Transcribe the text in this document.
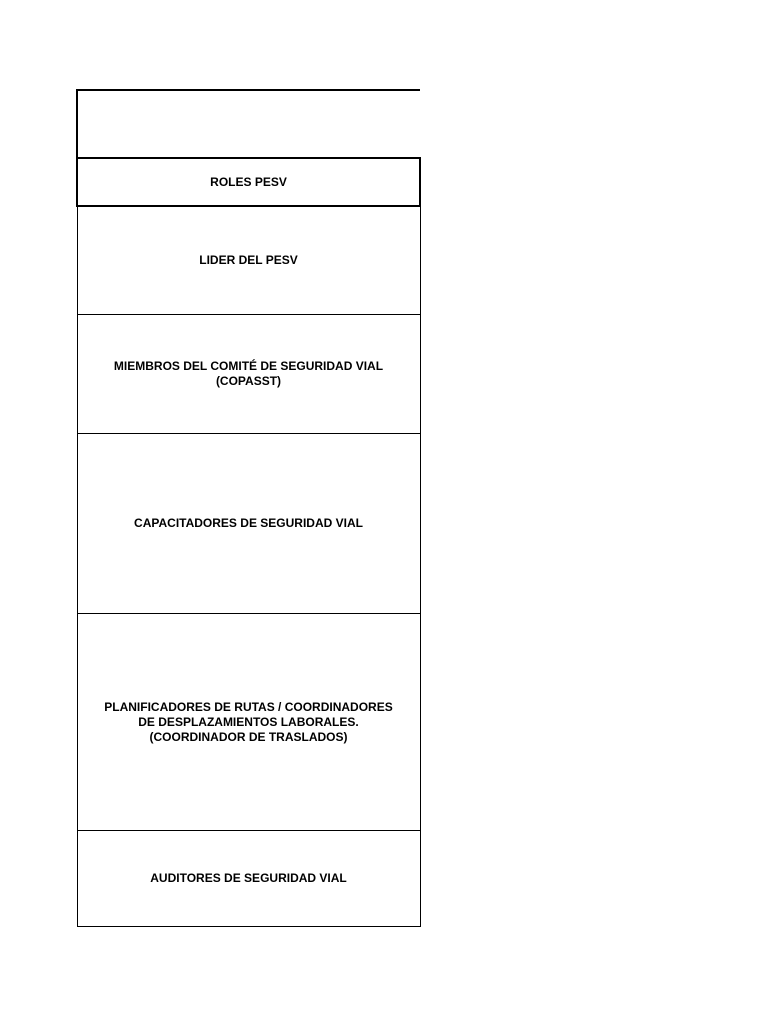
ROLES PESV

LIDER DEL PESV

MIEMBROS DEL COMITÉ DE SEGURIDAD VIAL
(COPASST)

CAPACITADORES DE SEGURIDAD VIAL

PLANIFICADORES DE RUTAS / COORDINADORES DE DESPLAZAMIENTOS LABORALES.
(COORDINADOR DE TRASLADOS)

AUDITORES DE SEGURIDAD VIAL
